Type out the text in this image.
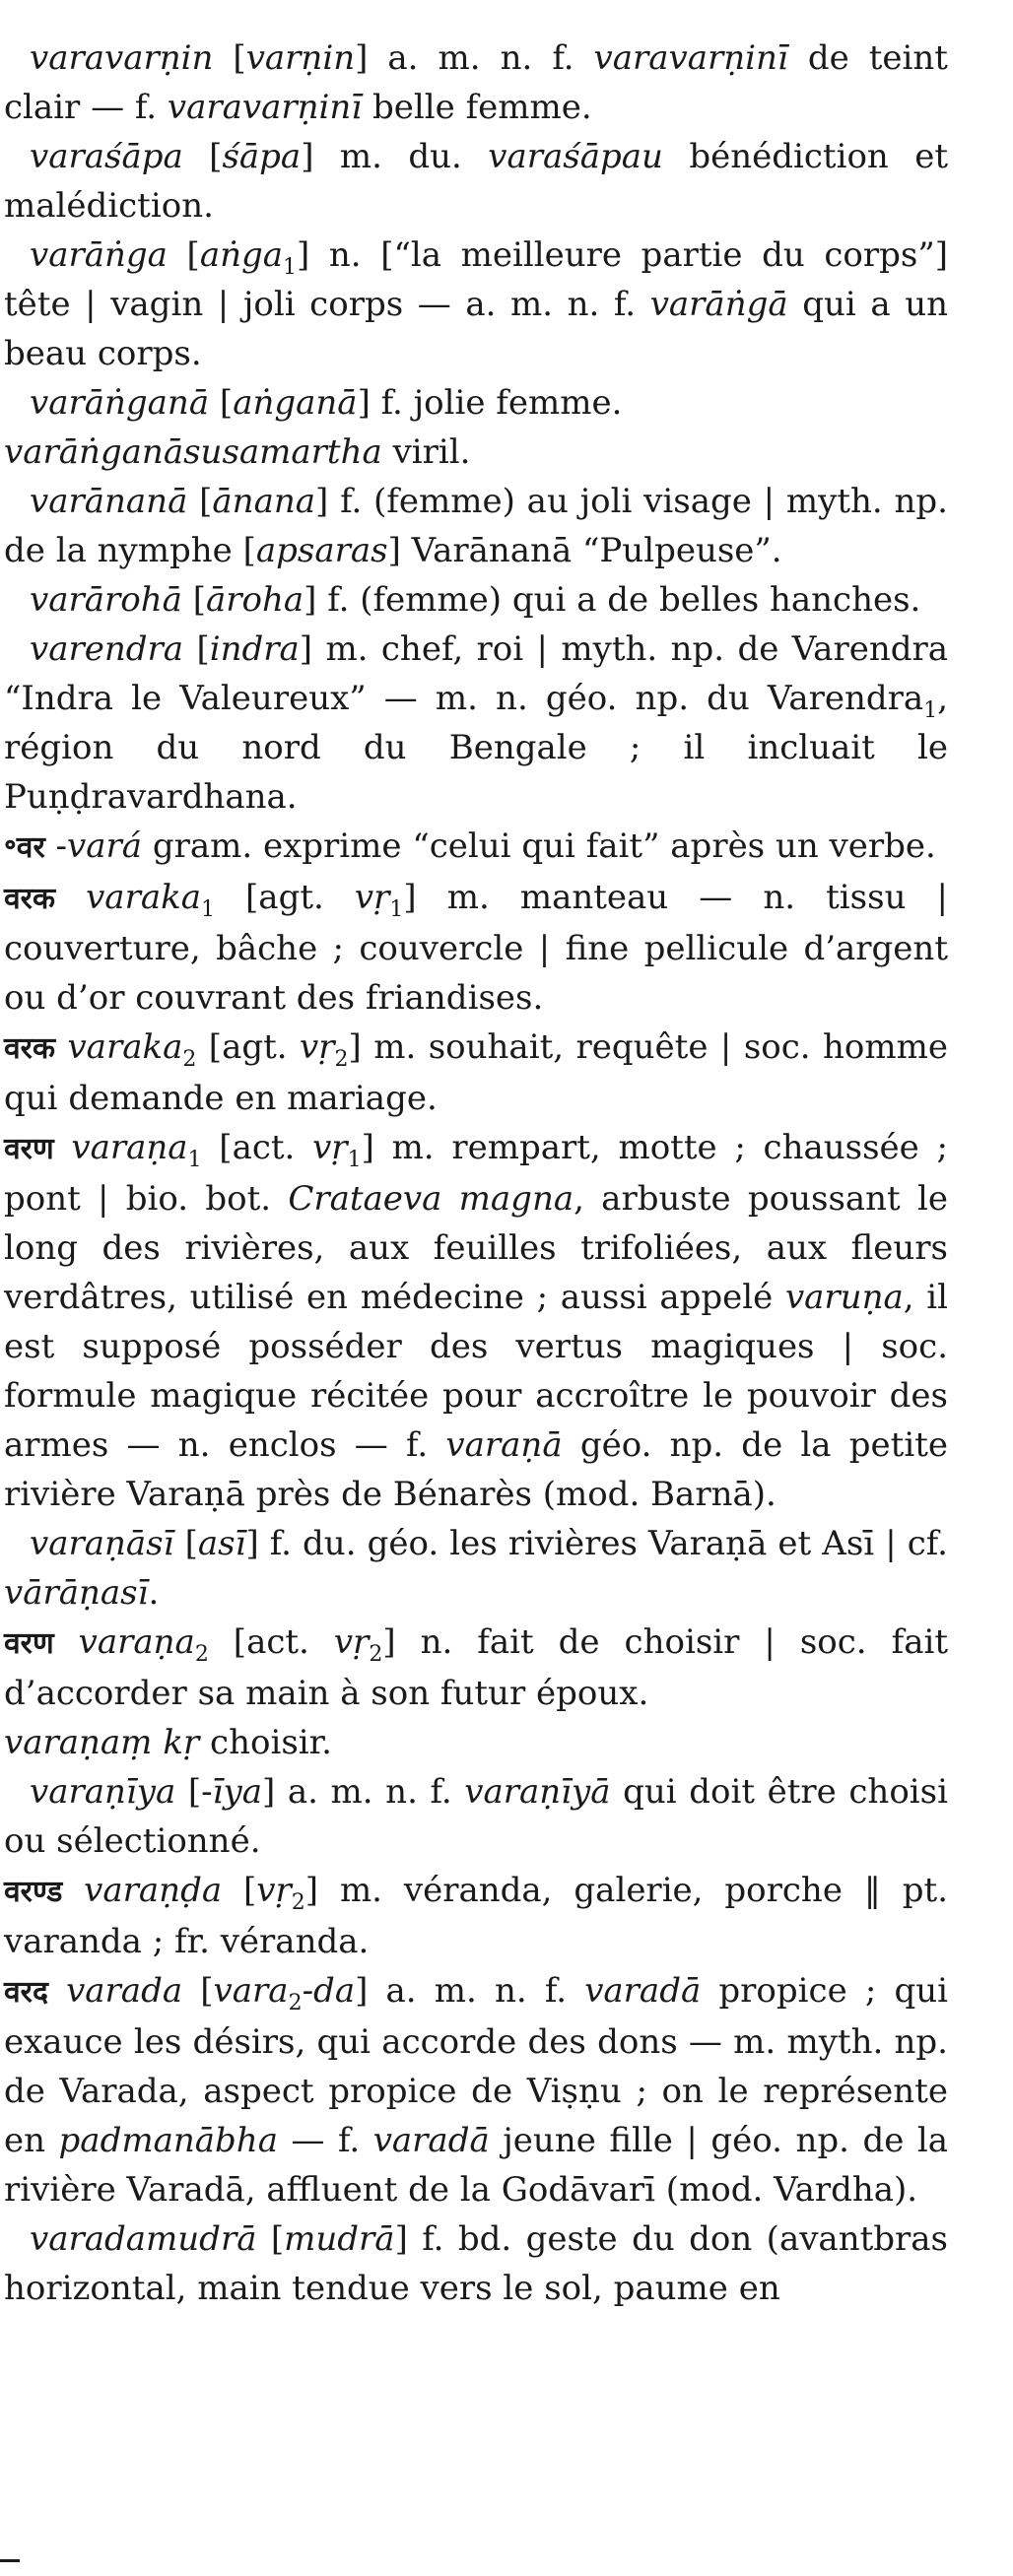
varavarṇin [varṇin] a. m. n. f. varavarṇinī de teint clair — f. varavarṇinī belle femme.

varaśāpa [śāpa] m. du. varaśāpau bénédiction et malédiction.

varāṅga [aṅga$_1$] n. [“la meilleure partie du corps”] tête | vagin | joli corps — a. m. n. f. varāṅgā qui a un beau corps.

varāṅganā [aṅganā] f. jolie femme.

varāṅganāsusamartha viril.

varānanā [ānana] f. (femme) au joli visage | myth. np. de la nymphe [apsaras] Varānanā “Pulpeuse”.

varārohā [āroha] f. (femme) qui a de belles hanches.

varendra [indra] m. chef, roi | myth. np. de Varendra “Indra le Valeureux” — m. n. géo. np. du Varendra$_1$, région du nord du Bengale ; il incluait le Puṇḍravardhana.

॰वर -vará gram. exprime “celui qui fait” après un verbe.

वरक varaka$_1$ [agt. vṛ$_1$] m. manteau — n. tissu | couverture, bâche ; couvercle | fine pellicule d’argent ou d’or couvrant des friandises.

वरक varaka$_2$ [agt. vṛ$_2$] m. souhait, requête | soc. homme qui demande en mariage.

वरण varaṇa$_1$ [act. vṛ$_1$] m. rempart, motte ; chaussée ; pont | bio. bot. Crataeva magna, arbuste poussant le long des rivières, aux feuilles trifoliées, aux fleurs verdâtres, utilisé en médecine ; aussi appelé varuṇa, il est supposé posséder des vertus magiques | soc. formule magique récitée pour accroître le pouvoir des armes — n. enclos — f. varaṇā géo. np. de la petite rivière Varaṇā près de Bénarès (mod. Barnā).

varaṇāsī [asī] f. du. géo. les rivières Varaṇā et Asī | cf. vārāṇasī.

वरण varaṇa$_2$ [act. vṛ$_2$] n. fait de choisir | soc. fait d’accorder sa main à son futur époux.

varaṇaṃ kṛ choisir.

varaṇīya [-īya] a. m. n. f. varaṇīyā qui doit être choisi ou sélectionné.

वरण्ड varaṇḍa [vṛ$_2$] m. véranda, galerie, porche ‖ pt. varanda ; fr. véranda.

वरद varada [vara$_2$-da] a. m. n. f. varadā propice ; qui exauce les désirs, qui accorde des dons — m. myth. np. de Varada, aspect propice de Viṣṇu ; on le représente en padmanābha — f. varadā jeune fille | géo. np. de la rivière Varadā, affluent de la Godāvarī (mod. Vardha).

varadamudrā [mudrā] f. bd. geste du don (avantbras horizontal, main tendue vers le sol, paume en
